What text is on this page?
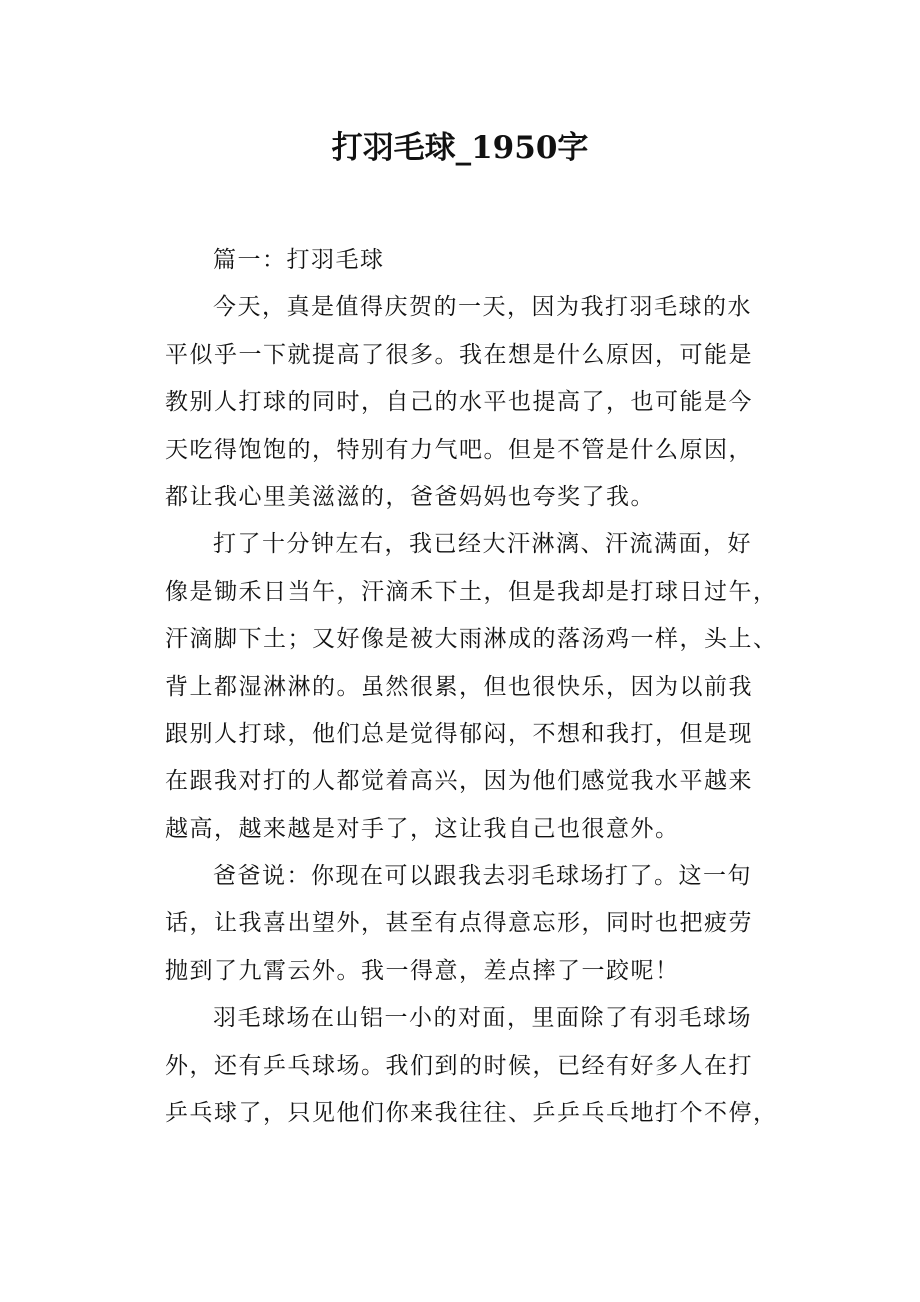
打羽毛球_1950字
篇一：打羽毛球
今天，真是值得庆贺的一天，因为我打羽毛球的水
平似乎一下就提高了很多。我在想是什么原因，可能是
教别人打球的同时，自己的水平也提高了，也可能是今
天吃得饱饱的，特别有力气吧。但是不管是什么原因，
都让我心里美滋滋的，爸爸妈妈也夸奖了我。
打了十分钟左右，我已经大汗淋漓、汗流满面，好
像是锄禾日当午，汗滴禾下土，但是我却是打球日过午，
汗滴脚下土；又好像是被大雨淋成的落汤鸡一样，头上、
背上都湿淋淋的。虽然很累，但也很快乐，因为以前我
跟别人打球，他们总是觉得郁闷，不想和我打，但是现
在跟我对打的人都觉着高兴，因为他们感觉我水平越来
越高，越来越是对手了，这让我自己也很意外。
爸爸说：你现在可以跟我去羽毛球场打了。这一句
话，让我喜出望外，甚至有点得意忘形，同时也把疲劳
抛到了九霄云外。我一得意，差点摔了一跤呢！
羽毛球场在山铝一小的对面，里面除了有羽毛球场
外，还有乒乓球场。我们到的时候，已经有好多人在打
乒乓球了，只见他们你来我往往、乒乒乓乓地打个不停，
